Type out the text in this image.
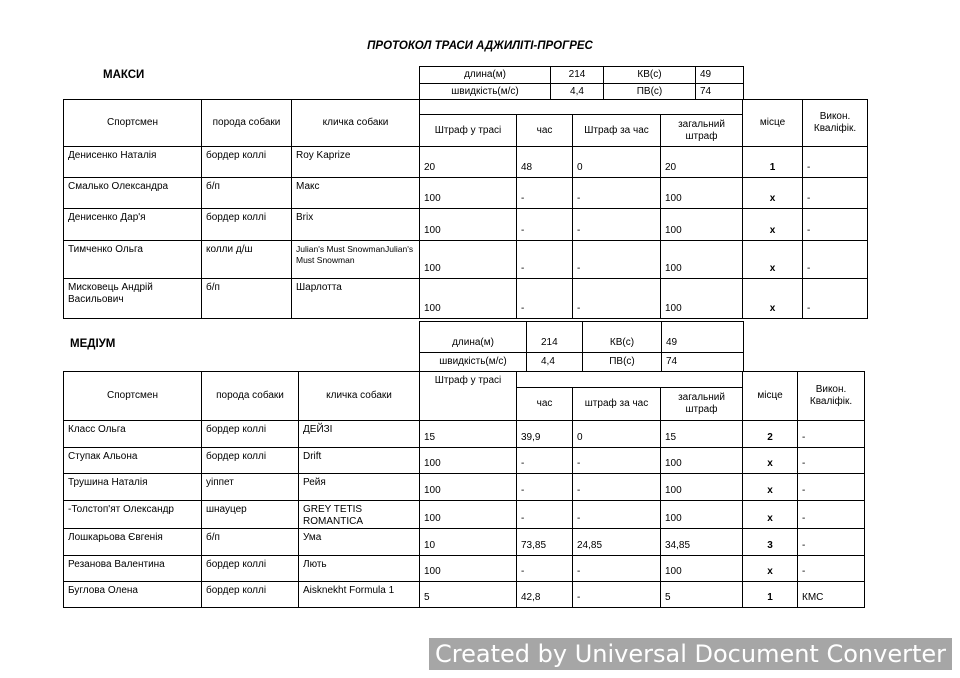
ПРОТОКОЛ ТРАСИ АДЖИЛІТІ-ПРОГРЕС
МАКСИ	длина(м)	214	КВ(с)	49
швидкість(м/с)	4,4	ПВ(с)	74
Спортсмен	порода собаки	кличка собаки					місце	Викон. Кваліфік.
			Штраф у трасі	час	Штраф за час	загальний штраф		
Денисенко Наталія	бордер коллі	Roy Kaprize	20	48	0	20	1	-
Смалько Олександра	б/п	Макс	100	-	-	100	х	-
Денисенко Дар'я	бордер коллі	Brix	100	-	-	100	х	-
Тимченко Ольга	колли д/ш	Julian's Must SnowmanJulian's Must Snowman	100	-	-	100	х	-
Мисковець Андрій Васильович	б/п	Шарлотта	100	-	-	100	х	-
МЕДІУМ	длина(м)	214	КВ(с)	49
швидкість(м/с)	4,4	ПВ(с)	74
Спортсмен	порода собаки	кличка собаки	Штраф у трасі				місце	Викон. Кваліфік.
				час	штраф за час	загальний штраф		
Класс Ольга	бордер коллі	ДЕЙЗІ	15	39,9	0	15	2	-
Ступак Альона	бордер коллі	Drift	100	-	-	100	х	-
Трушина Наталія	уіппет	Рейя	100	-	-	100	х	-
-Толстоп'ят Олександр	шнауцер	GREY TETIS ROMANTICA	100	-	-	100	х	-
Лошкарьова Євгенія	б/п	Ума	10	73,85	24,85	34,85	3	-
Резанова Валентина	бордер коллі	Лють	100	-	-	100	х	-
Буглова Олена	бордер коллі	Aisknekht Formula 1	5	42,8	-	5	1	КМС
Created by Universal Document Converter
